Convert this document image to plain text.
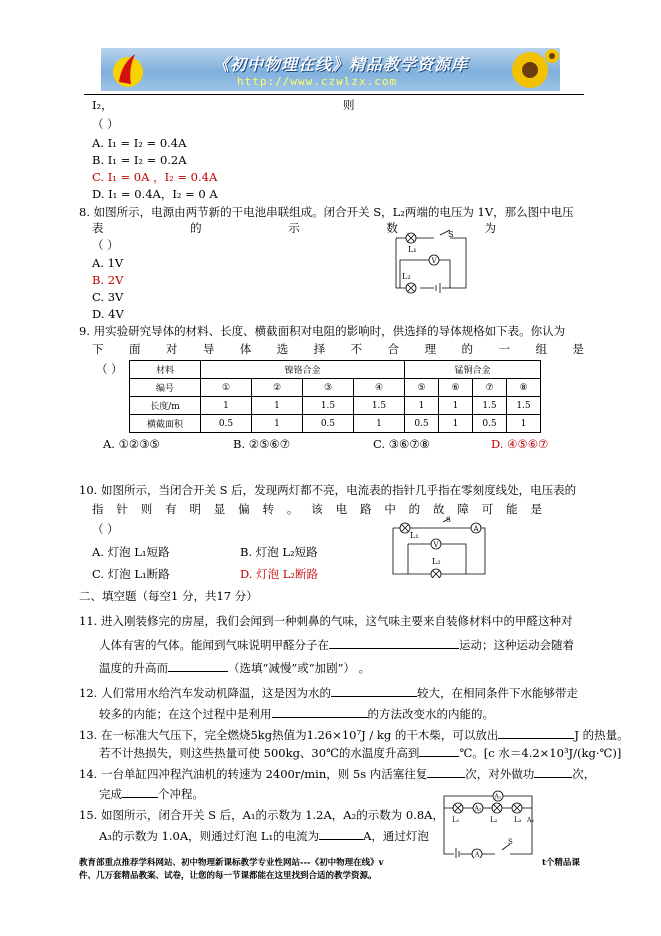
《初中物理在线》精品教学资源库
http://www.czwlzx.com
I₂，	则
（ ）
A. I₁ = I₂ = 0.4A
B. I₁ = I₂ = 0.2A
C. I₁ = 0A ，I₂ = 0.4A
D. I₁ = 0.4A，I₂ = 0 A
8. 如图所示，电源由两节新的干电池串联组成。闭合开关 S，L₂两端的电压为 1V，那么图中电压
表	的	示	数	为
（ ）
A. 1V
B. 2V
C. 3V
D. 4V
L₁
S
V
L₂
9. 用实验研究导体的材料、长度、横截面积对电阻的影响时，供选择的导体规格如下表。你认为
下 面 对 导 体 选 择 不 合 理 的 一 组 是
（ ）	材料	镍铬合金				锰铜合金			
编号	①	②	③	④	⑤	⑥	⑦	⑧
长度/m	1	1	1.5	1.5	1	1	1.5	1.5
横截面积	0.5	1	0.5	1	0.5	1	0.5	1
A. ①②③⑤	B. ②⑤⑥⑦	C. ③⑥⑦⑧	D. ④⑤⑥⑦
10. 如图所示，当闭合开关 S 后，发现两灯都不亮，电流表的指针几乎指在零刻度线处，电压表的
指 针 则 有 明 显 偏 转 。 该 电 路 中 的 故 障 可 能 是
（ ）
A. 灯泡 L₁短路	B. 灯泡 L₂短路
C. 灯泡 L₁断路	D. 灯泡 L₂断路
L₁
A
V
L₂
S
二、填空题（每空1 分，共17 分）
11. 进入刚装修完的房屋，我们会闻到一种刺鼻的气味，这气味主要来自装修材料中的甲醛这种对
人体有害的气体。能闻到气味说明甲醛分子在	运动；这种运动会随着
温度的升高而	（选填“减慢”或“加剧”） 。
12. 人们常用水给汽车发动机降温，这是因为水的	较大，在相同条件下水能够带走
较多的内能；在这个过程中是利用	的方法改变水的内能的。
13. 在一标准大气压下，完全燃烧5kg热值为1.26×10⁷J / kg 的干木柴，可以放出	J 的热量。
若不计热损失，则这些热量可使 500kg、30℃的水温度升高到	℃。[c 水＝4.2×10³J/(kg·℃)]
14. 一台单缸四冲程汽油机的转速为 2400r/min，则 5s 内活塞往复	次，对外做功	次，
完成	个冲程。
15. 如图所示，闭合开关 S 后，A₁的示数为 1.2A，A₂的示数为 0.8A，
A₃的示数为 1.0A，则通过灯泡 L₁的电流为	A，通过灯泡
A₁
A₂
L₁	L₂ L₃ A₃
A
S
教育部重点推荐学科网站、初中物理新课标教学专业性网站---《初中物理在线》v	t个精品课
件、几万套精品教案、试卷，让您的每一节课都能在这里找到合适的教学资源。
